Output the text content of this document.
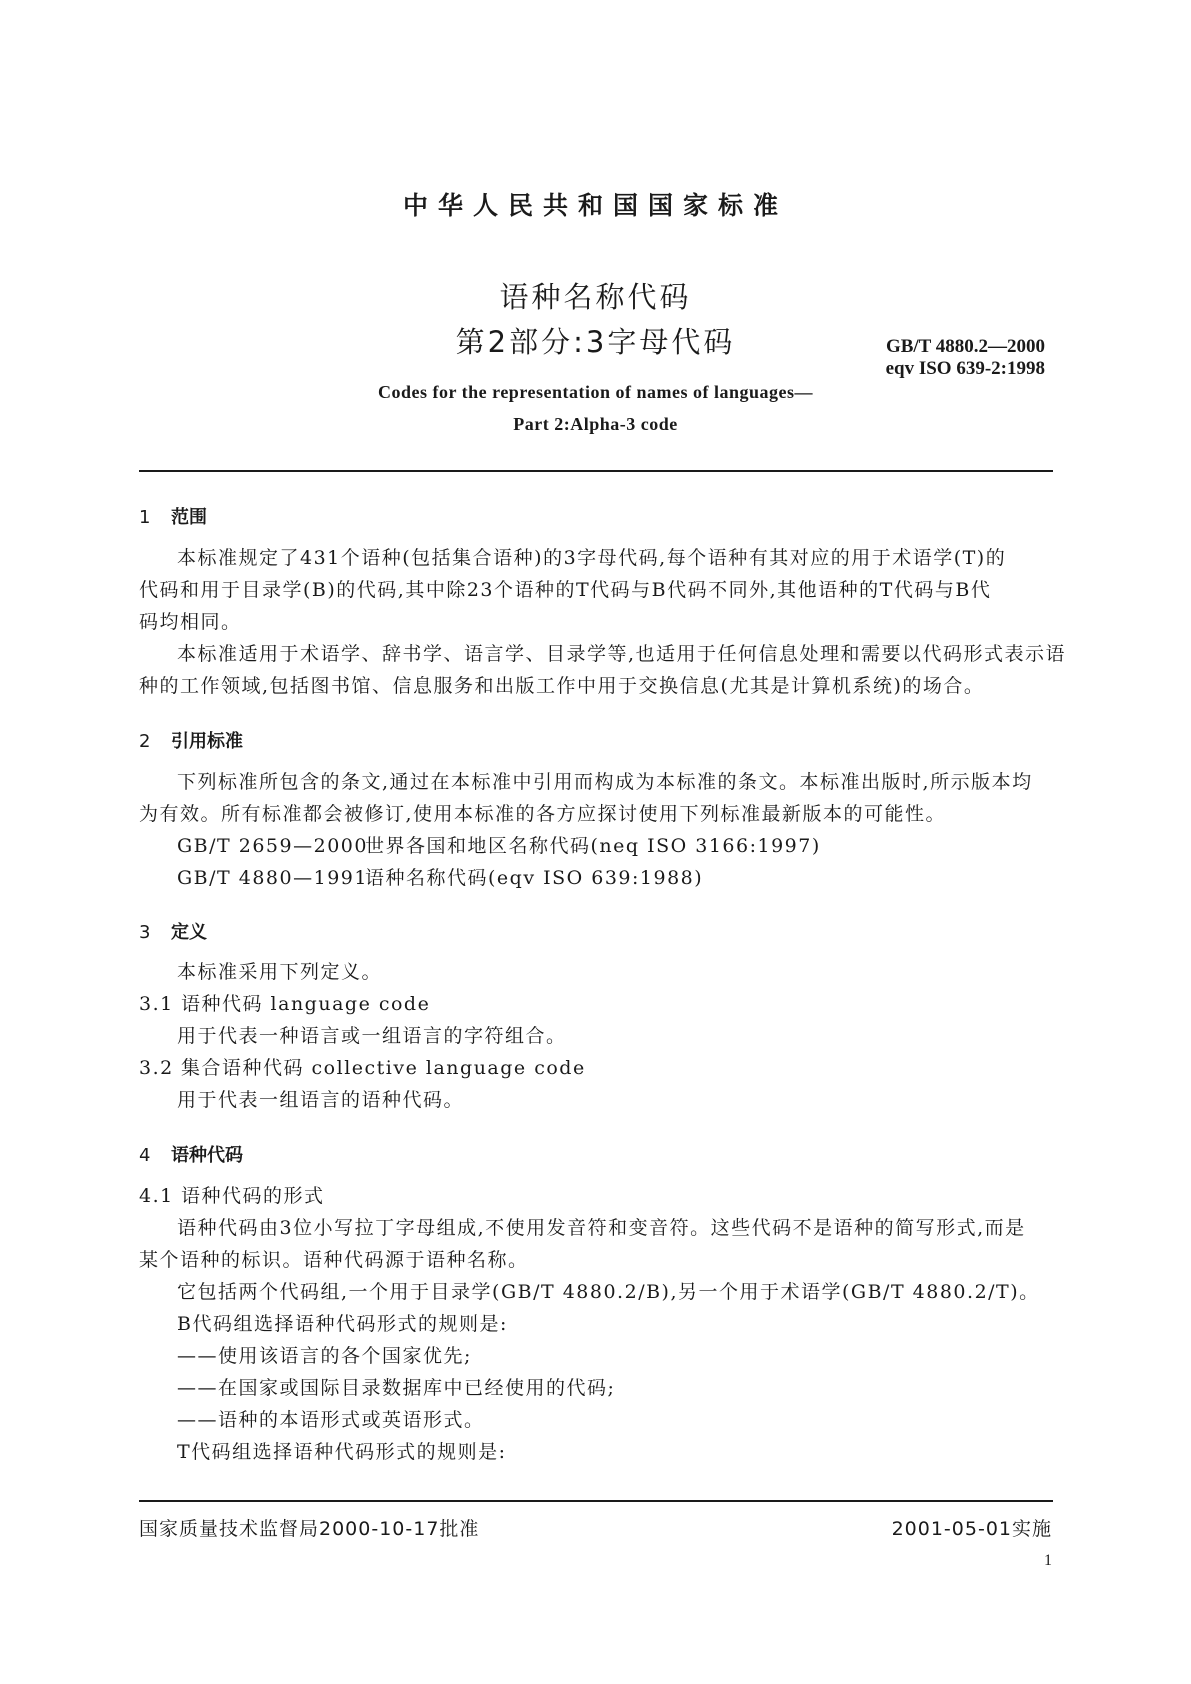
中华人民共和国国家标准
语种名称代码
第2部分:3字母代码	GB/T 4880.2—2000
eqv ISO 639-2:1998
Codes for the representation of names of languages—
Part 2:Alpha-3 code
1 范围
本标准规定了431个语种(包括集合语种)的3字母代码,每个语种有其对应的用于术语学(T)的
代码和用于目录学(B)的代码,其中除23个语种的T代码与B代码不同外,其他语种的T代码与B代
码均相同。
本标准适用于术语学、辞书学、语言学、目录学等,也适用于任何信息处理和需要以代码形式表示语
种的工作领域,包括图书馆、信息服务和出版工作中用于交换信息(尤其是计算机系统)的场合。
2 引用标准
下列标准所包含的条文,通过在本标准中引用而构成为本标准的条文。本标准出版时,所示版本均
为有效。所有标准都会被修订,使用本标准的各方应探讨使用下列标准最新版本的可能性。
GB/T 2659—2000世界各国和地区名称代码(neq ISO 3166:1997)
GB/T 4880—1991语种名称代码(eqv ISO 639:1988)
3 定义
本标准采用下列定义。
3.1 语种代码 language code
用于代表一种语言或一组语言的字符组合。
3.2 集合语种代码 collective language code
用于代表一组语言的语种代码。
4 语种代码
4.1 语种代码的形式
语种代码由3位小写拉丁字母组成,不使用发音符和变音符。这些代码不是语种的简写形式,而是
某个语种的标识。语种代码源于语种名称。
它包括两个代码组,一个用于目录学(GB/T 4880.2/B),另一个用于术语学(GB/T 4880.2/T)。
B代码组选择语种代码形式的规则是:
——使用该语言的各个国家优先;
——在国家或国际目录数据库中已经使用的代码;
——语种的本语形式或英语形式。
T代码组选择语种代码形式的规则是:
国家质量技术监督局2000-10-17批准	2001-05-01实施
1
